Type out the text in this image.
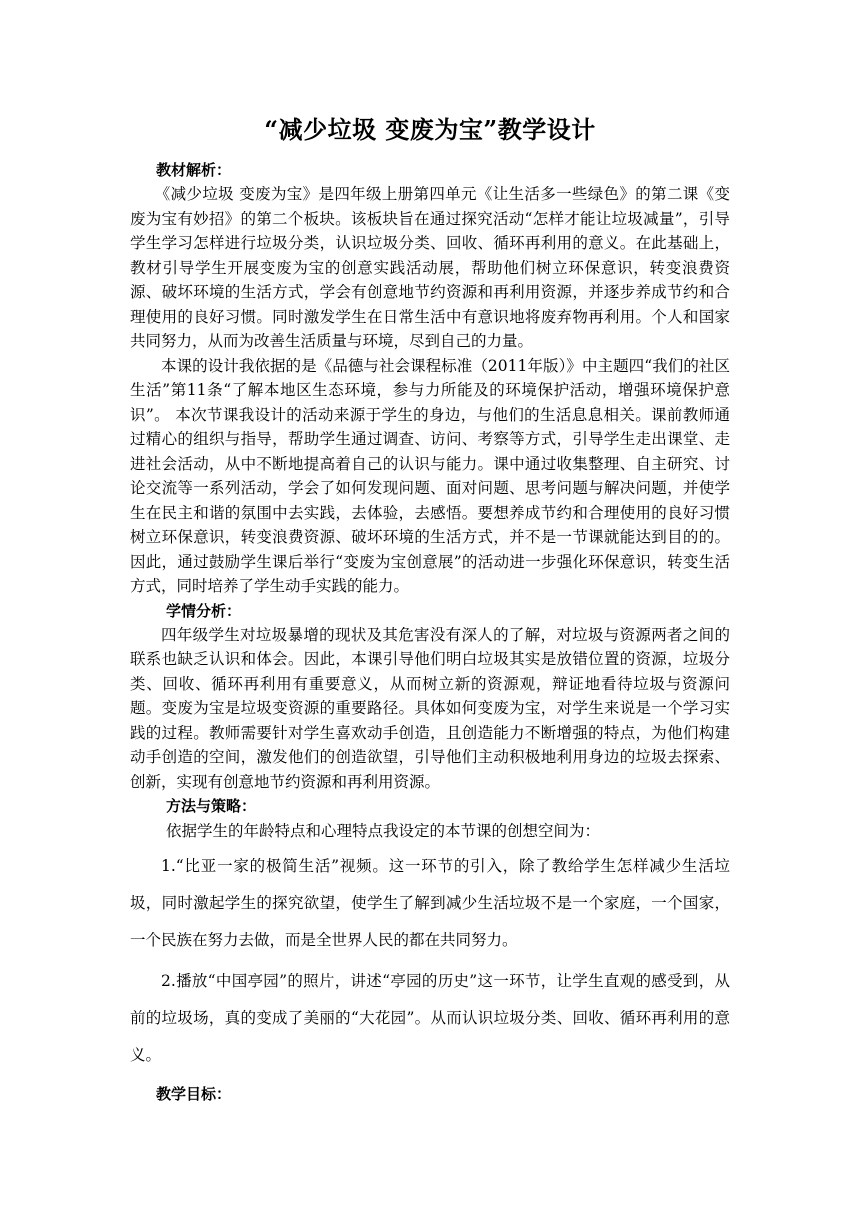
“减少垃圾 变废为宝”教学设计

教材解析：

《减少垃圾 变废为宝》是四年级上册第四单元《让生活多一些绿色》的第二课《变废为宝有妙招》的第二个板块。该板块旨在通过探究活动“怎样才能让垃圾减量”，引导学生学习怎样进行垃圾分类，认识垃圾分类、回收、循环再利用的意义。在此基础上，教材引导学生开展变废为宝的创意实践活动展，帮助他们树立环保意识，转变浪费资源、破坏环境的生活方式，学会有创意地节约资源和再利用资源，并逐步养成节约和合理使用的良好习惯。同时激发学生在日常生活中有意识地将废弃物再利用。个人和国家共同努力，从而为改善生活质量与环境，尽到自己的力量。

本课的设计我依据的是《品德与社会课程标准（2011年版）》中主题四“我们的社区生活”第11条“了解本地区生态环境，参与力所能及的环境保护活动，增强环境保护意识”。 本次节课我设计的活动来源于学生的身边，与他们的生活息息相关。课前教师通过精心的组织与指导，帮助学生通过调查、访问、考察等方式，引导学生走出课堂、走进社会活动，从中不断地提高着自己的认识与能力。课中通过收集整理、自主研究、讨论交流等一系列活动，学会了如何发现问题、面对问题、思考问题与解决问题，并使学生在民主和谐的氛围中去实践，去体验，去感悟。要想养成节约和合理使用的良好习惯树立环保意识，转变浪费资源、破坏环境的生活方式，并不是一节课就能达到目的的。因此，通过鼓励学生课后举行“变废为宝创意展”的活动进一步强化环保意识，转变生活方式，同时培养了学生动手实践的能力。

学情分析：

四年级学生对垃圾暴增的现状及其危害没有深人的了解，对垃圾与资源两者之间的联系也缺乏认识和体会。因此，本课引导他们明白垃圾其实是放错位置的资源，垃圾分类、回收、循环再利用有重要意义，从而树立新的资源观，辩证地看待垃圾与资源问题。变废为宝是垃圾变资源的重要路径。具体如何变废为宝，对学生来说是一个学习实践的过程。教师需要针对学生喜欢动手创造，且创造能力不断增强的特点，为他们构建动手创造的空间，激发他们的创造欲望，引导他们主动积极地利用身边的垃圾去探索、创新，实现有创意地节约资源和再利用资源。

方法与策略：

依据学生的年龄特点和心理特点我设定的本节课的创想空间为：

1.“比亚一家的极简生活”视频。这一环节的引入，除了教给学生怎样减少生活垃圾，同时激起学生的探究欲望，使学生了解到减少生活垃圾不是一个家庭，一个国家，一个民族在努力去做，而是全世界人民的都在共同努力。

2.播放“中国亭园”的照片，讲述“亭园的历史”这一环节，让学生直观的感受到，从前的垃圾场，真的变成了美丽的“大花园”。从而认识垃圾分类、回收、循环再利用的意义。

教学目标：
